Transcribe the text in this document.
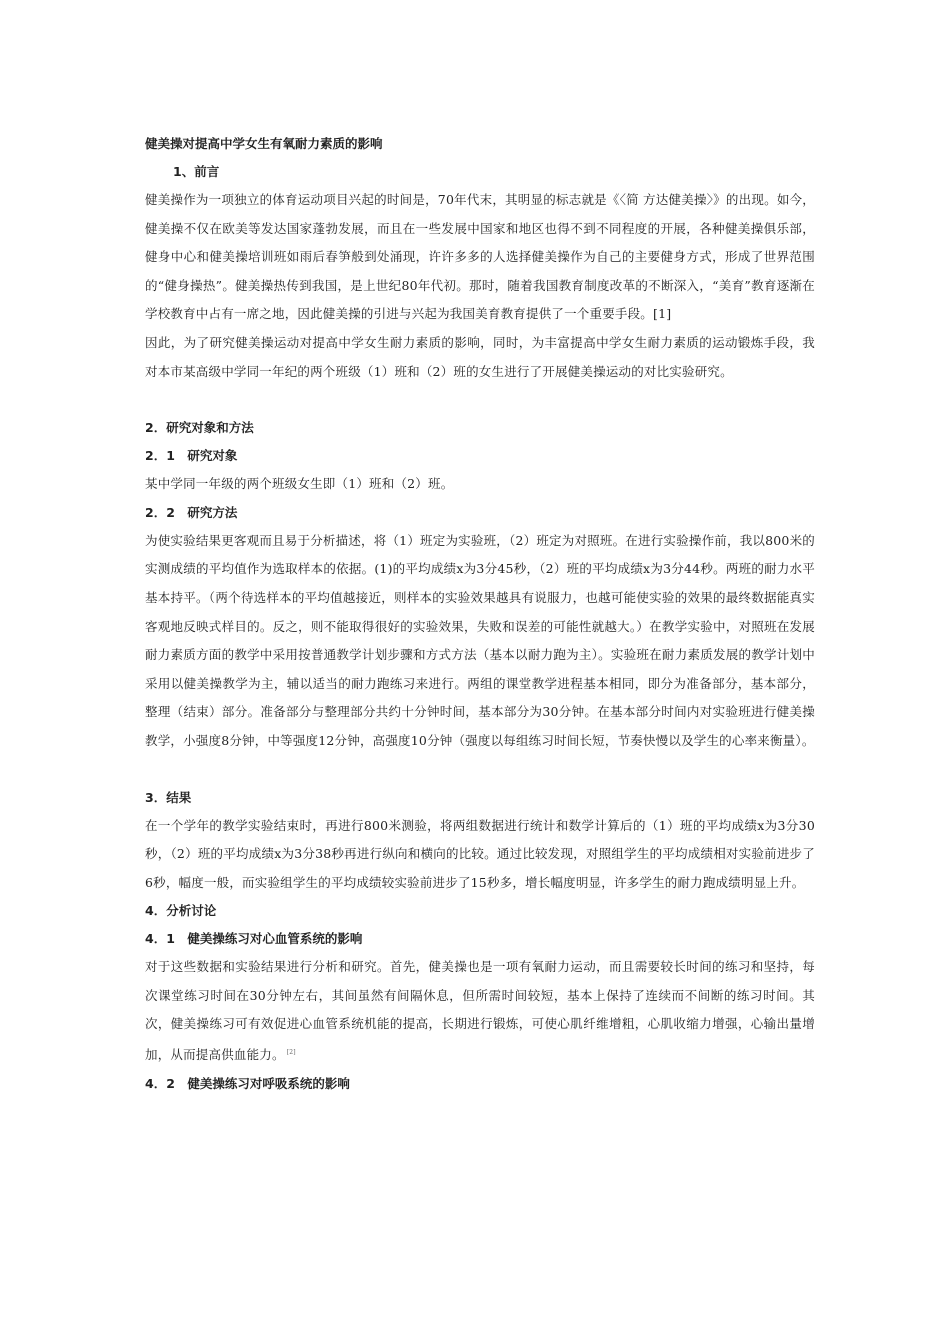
健美操对提高中学女生有氧耐力素质的影响

1、前言

健美操作为一项独立的体育运动项目兴起的时间是，70年代末，其明显的标志就是《〈简 方达健美操〉》的出现。如今，健美操不仅在欧美等发达国家蓬勃发展，而且在一些发展中国家和地区也得不到不同程度的开展，各种健美操俱乐部，健身中心和健美操培训班如雨后春笋般到处涌现，许许多多的人选择健美操作为自己的主要健身方式，形成了世界范围的“健身操热”。健美操热传到我国，是上世纪80年代初。那时，随着我国教育制度改革的不断深入，“美育”教育逐渐在学校教育中占有一席之地，因此健美操的引进与兴起为我国美育教育提供了一个重要手段。[1]

因此，为了研究健美操运动对提高中学女生耐力素质的影响，同时，为丰富提高中学女生耐力素质的运动锻炼手段，我对本市某高级中学同一年纪的两个班级（1）班和（2）班的女生进行了开展健美操运动的对比实验研究。

2．研究对象和方法

2．1　研究对象

某中学同一年级的两个班级女生即（1）班和（2）班。

2．2　研究方法

为使实验结果更客观而且易于分析描述，将（1）班定为实验班，（2）班定为对照班。在进行实验操作前，我以800米的实测成绩的平均值作为选取样本的依据。(1)的平均成绩x为3分45秒，（2）班的平均成绩x为3分44秒。两班的耐力水平基本持平。（两个待选样本的平均值越接近，则样本的实验效果越具有说服力，也越可能使实验的效果的最终数据能真实客观地反映式样目的。反之，则不能取得很好的实验效果，失败和误差的可能性就越大。）在教学实验中，对照班在发展耐力素质方面的教学中采用按普通教学计划步骤和方式方法（基本以耐力跑为主）。实验班在耐力素质发展的教学计划中采用以健美操教学为主，辅以适当的耐力跑练习来进行。两组的课堂教学进程基本相同，即分为准备部分，基本部分，整理（结束）部分。准备部分与整理部分共约十分钟时间，基本部分为30分钟。在基本部分时间内对实验班进行健美操教学，小强度8分钟，中等强度12分钟，高强度10分钟（强度以每组练习时间长短，节奏快慢以及学生的心率来衡量）。

3．结果

在一个学年的教学实验结束时，再进行800米测验，将两组数据进行统计和数学计算后的（1）班的平均成绩x为3分30秒，（2）班的平均成绩x为3分38秒再进行纵向和横向的比较。通过比较发现，对照组学生的平均成绩相对实验前进步了6秒，幅度一般，而实验组学生的平均成绩较实验前进步了15秒多，增长幅度明显，许多学生的耐力跑成绩明显上升。

4．分析讨论

4．1　健美操练习对心血管系统的影响

对于这些数据和实验结果进行分析和研究。首先，健美操也是一项有氧耐力运动，而且需要较长时间的练习和坚持，每次课堂练习时间在30分钟左右，其间虽然有间隔休息，但所需时间较短，基本上保持了连续而不间断的练习时间。其次，健美操练习可有效促进心血管系统机能的提高，长期进行锻炼，可使心肌纤维增粗，心肌收缩力增强，心输出量增加，从而提高供血能力。 [2]

4．2　健美操练习对呼吸系统的影响
